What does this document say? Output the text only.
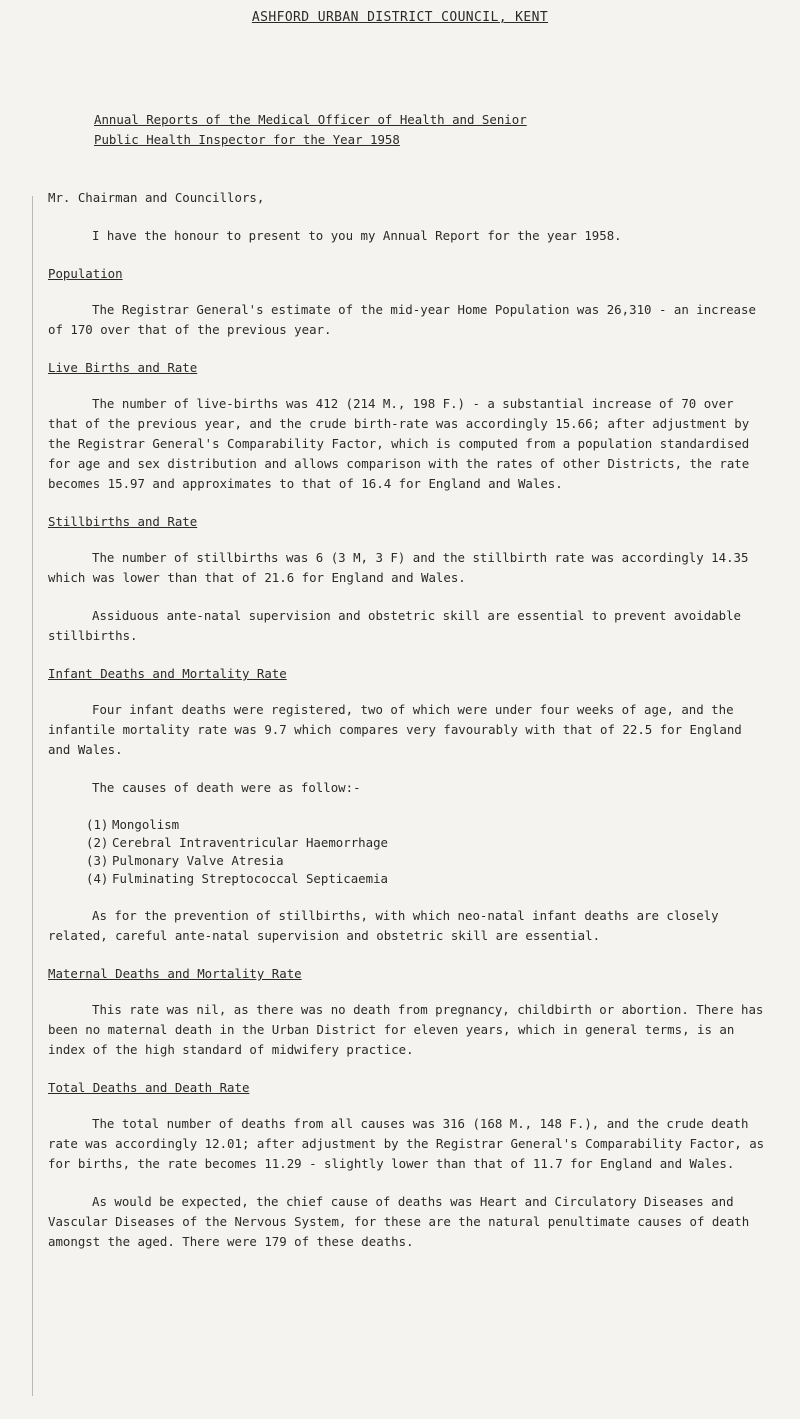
ASHFORD URBAN DISTRICT COUNCIL, KENT
Annual Reports of the Medical Officer of Health and Senior
Public Health Inspector for the Year 1958

Mr. Chairman and Councillors,

I have the honour to present to you my Annual Report for the year 1958.

Population

The Registrar General's estimate of the mid-year Home Population was 26,310 - an increase of 170 over that of the previous year.

Live Births and Rate

The number of live-births was 412 (214 M., 198 F.) - a substantial increase of 70 over that of the previous year, and the crude birth-rate was accordingly 15.66; after adjustment by the Registrar General's Comparability Factor, which is computed from a population standardised for age and sex distribution and allows comparison with the rates of other Districts, the rate becomes 15.97 and approximates to that of 16.4 for England and Wales.

Stillbirths and Rate

The number of stillbirths was 6 (3 M, 3 F) and the stillbirth rate was accordingly 14.35 which was lower than that of 21.6 for England and Wales.

Assiduous ante-natal supervision and obstetric skill are essential to prevent avoidable stillbirths.

Infant Deaths and Mortality Rate

Four infant deaths were registered, two of which were under four weeks of age, and the infantile mortality rate was 9.7 which compares very favourably with that of 22.5 for England and Wales.

The causes of death were as follow:-

(1) Mongolism
(2) Cerebral Intraventricular Haemorrhage
(3) Pulmonary Valve Atresia
(4) Fulminating Streptococcal Septicaemia

As for the prevention of stillbirths, with which neo-natal infant deaths are closely related, careful ante-natal supervision and obstetric skill are essential.

Maternal Deaths and Mortality Rate

This rate was nil, as there was no death from pregnancy, childbirth or abortion. There has been no maternal death in the Urban District for eleven years, which in general terms, is an index of the high standard of midwifery practice.

Total Deaths and Death Rate

The total number of deaths from all causes was 316 (168 M., 148 F.), and the crude death rate was accordingly 12.01; after adjustment by the Registrar General's Comparability Factor, as for births, the rate becomes 11.29 - slightly lower than that of 11.7 for England and Wales.

As would be expected, the chief cause of deaths was Heart and Circulatory Diseases and Vascular Diseases of the Nervous System, for these are the natural penultimate causes of death amongst the aged. There were 179 of these deaths.
